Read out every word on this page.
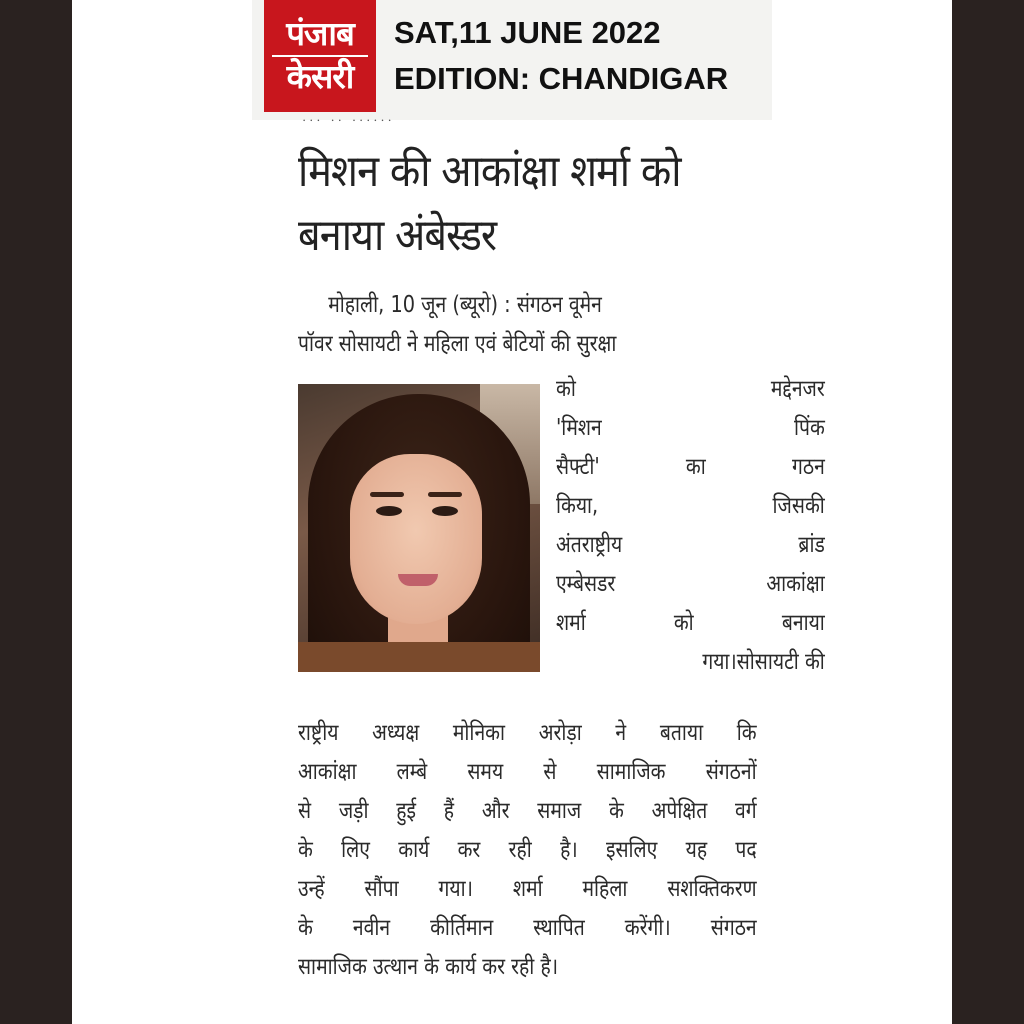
पंजाब
केसरी
SAT,11 JUNE 2022
EDITION: CHANDIGAR
ॱॱॱ ॱॱ ॱॱॱॱॱॱ
मिशन की आकांक्षा शर्मा को
बनाया अंबेस्डर
मोहाली, 10 जून (ब्यूरो) : संगठन वूमेन
पॉवर सोसायटी ने महिला एवं बेटियों की सुरक्षा
को मद्देनजर
'मिशन पिंक
सैफ्टी' का गठन
किया, जिसकी
अंतराष्ट्रीय ब्रांड
एम्बेसडर आकांक्षा
शर्मा को बनाया
गया।सोसायटी की
राष्ट्रीय अध्यक्ष मोनिका अरोड़ा ने बताया कि
आकांक्षा लम्बे समय से सामाजिक संगठनों
से जड़ी हुई हैं और समाज के अपेक्षित वर्ग
के लिए कार्य कर रही है। इसलिए यह पद
उन्हें सौंपा गया। शर्मा महिला सशक्तिकरण
के नवीन कीर्तिमान स्थापित करेंगी। संगठन
सामाजिक उत्थान के कार्य कर रही है।
